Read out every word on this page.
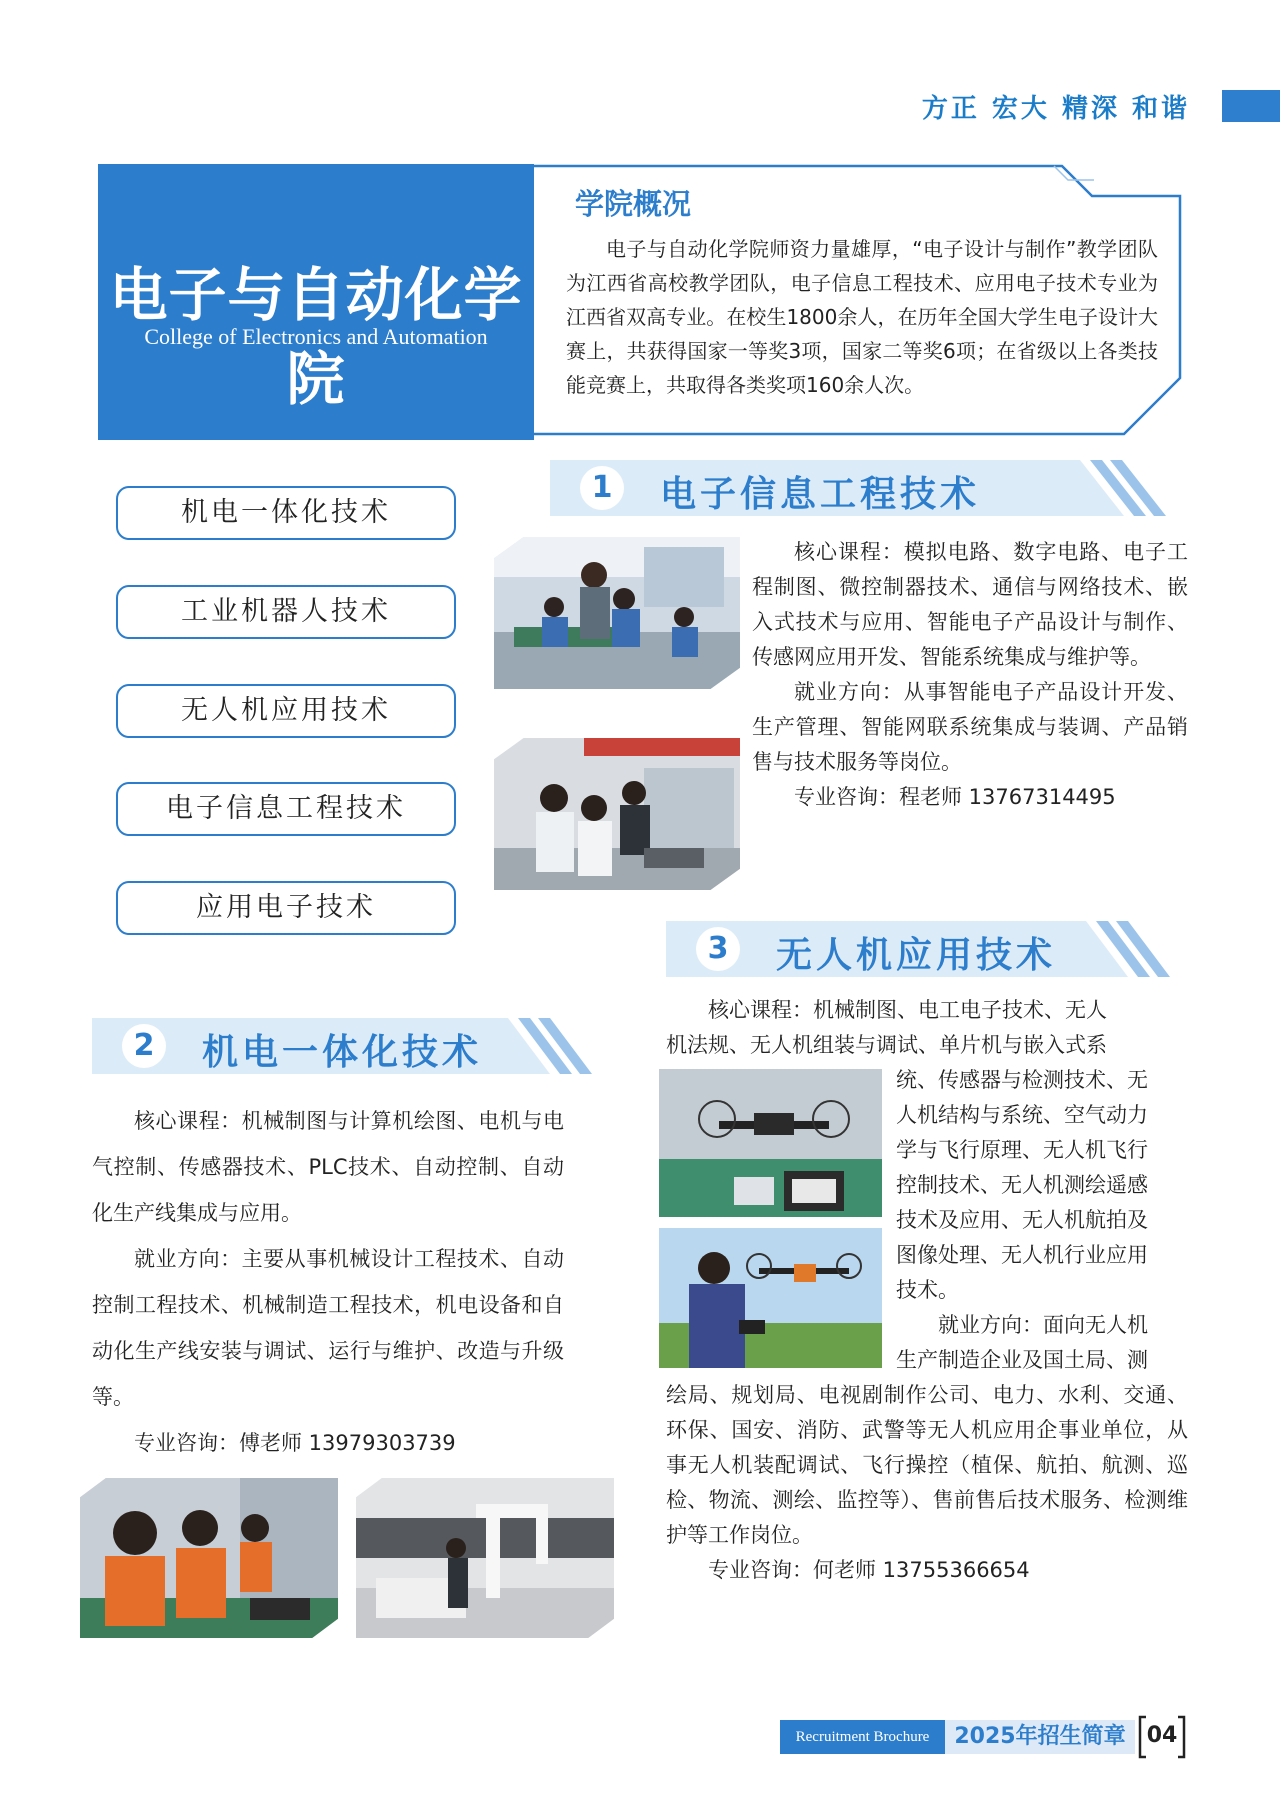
方正 宏大 精深 和谐
电子与自动化学院
College of Electronics and Automation
学院概况
电子与自动化学院师资力量雄厚，“电子设计与制作”教学团队为江西省高校教学团队，电子信息工程技术、应用电子技术专业为江西省双高专业。在校生1800余人，在历年全国大学生电子设计大赛上，共获得国家一等奖3项，国家二等奖6项；在省级以上各类技能竞赛上，共取得各类奖项160余人次。
机电一体化技术
工业机器人技术
无人机应用技术
电子信息工程技术
应用电子技术
1	电子信息工程技术

核心课程：模拟电路、数字电路、电子工程制图、微控制器技术、通信与网络技术、嵌入式技术与应用、智能电子产品设计与制作、传感网应用开发、智能系统集成与维护等。

就业方向：从事智能电子产品设计开发、生产管理、智能网联系统集成与装调、产品销售与技术服务等岗位。

专业咨询：程老师 13767314495

3	无人机应用技术
2	机电一体化技术

核心课程：机械制图与计算机绘图、电机与电气控制、传感器技术、PLC技术、自动控制、自动化生产线集成与应用。

就业方向：主要从事机械设计工程技术、自动控制工程技术、机械制造工程技术，机电设备和自动化生产线安装与调试、运行与维护、改造与升级等。

专业咨询：傅老师 13979303739

核心课程：机械制图、电工电子技术、无人

机法规、无人机组装与调试、单片机与嵌入式系

统、传感器与检测技术、无

人机结构与系统、空气动力

学与飞行原理、无人机飞行

控制技术、无人机测绘遥感

技术及应用、无人机航拍及

图像处理、无人机行业应用

技术。

就业方向：面向无人机

生产制造企业及国土局、测

绘局、规划局、电视剧制作公司、电力、水利、交通、环保、国安、消防、武警等无人机应用企事业单位，从事无人机装配调试、飞行操控（植保、航拍、航测、巡检、物流、测绘、监控等）、售前售后技术服务、检测维护等工作岗位。

专业咨询：何老师 13755366654

Recruitment Brochure	2025年招生简章 04
